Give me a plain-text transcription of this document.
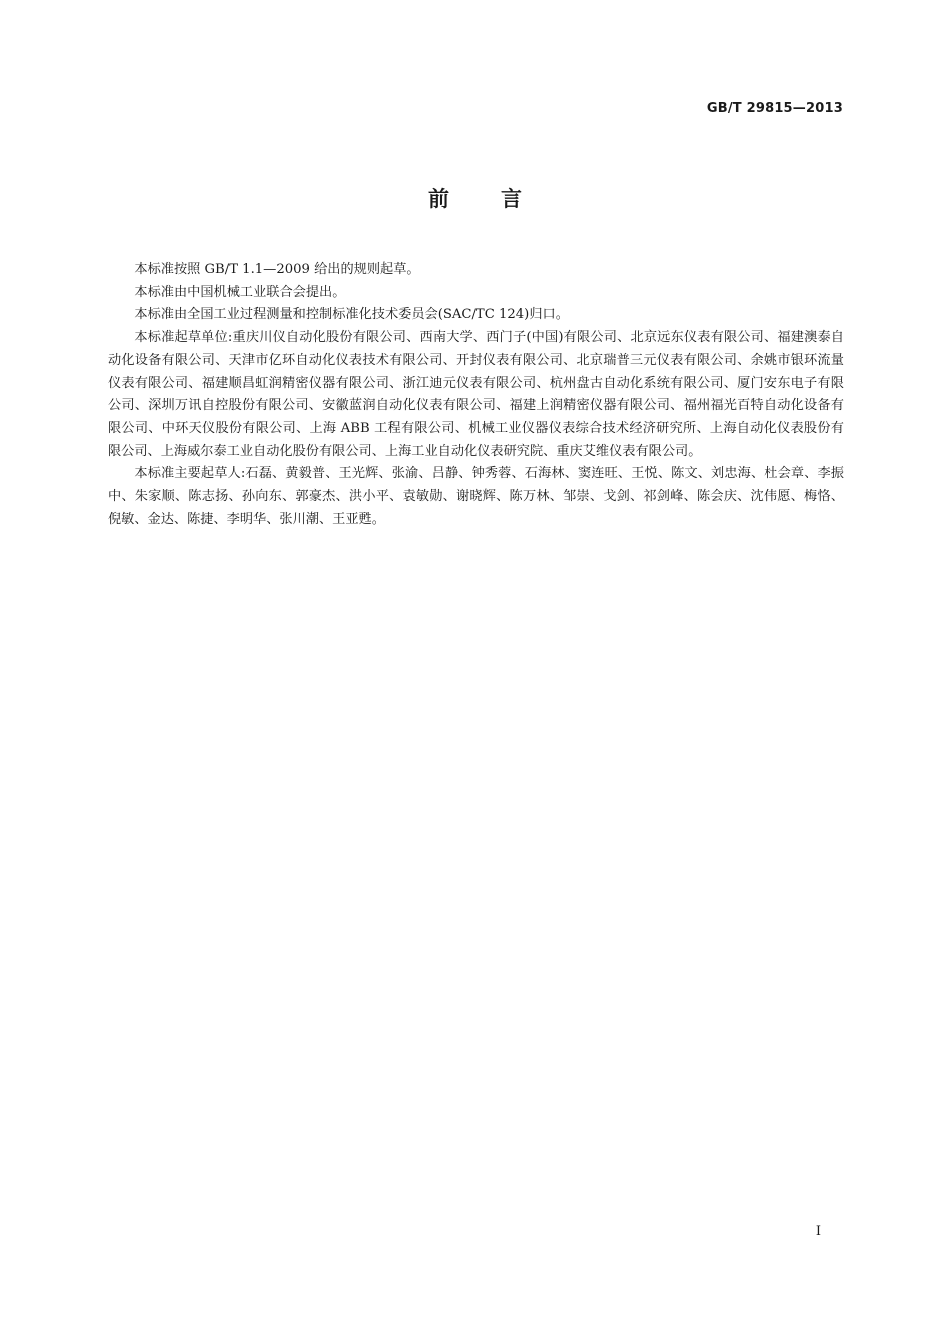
GB/T 29815—2013
前言

本标准按照 GB/T 1.1—2009 给出的规则起草。

本标准由中国机械工业联合会提出。

本标准由全国工业过程测量和控制标准化技术委员会(SAC/TC 124)归口。

本标准起草单位:重庆川仪自动化股份有限公司、西南大学、西门子(中国)有限公司、北京远东仪表有限公司、福建澳泰自动化设备有限公司、天津市亿环自动化仪表技术有限公司、开封仪表有限公司、北京瑞普三元仪表有限公司、余姚市银环流量仪表有限公司、福建顺昌虹润精密仪器有限公司、浙江迪元仪表有限公司、杭州盘古自动化系统有限公司、厦门安东电子有限公司、深圳万讯自控股份有限公司、安徽蓝润自动化仪表有限公司、福建上润精密仪器有限公司、福州福光百特自动化设备有限公司、中环天仪股份有限公司、上海 ABB 工程有限公司、机械工业仪器仪表综合技术经济研究所、上海自动化仪表股份有限公司、上海威尔泰工业自动化股份有限公司、上海工业自动化仪表研究院、重庆艾维仪表有限公司。

本标准主要起草人:石磊、黄毅普、王光辉、张渝、吕静、钟秀蓉、石海林、窦连旺、王悦、陈文、刘忠海、杜会章、李振中、朱家顺、陈志扬、孙向东、郭豪杰、洪小平、袁敏勋、谢晓辉、陈万林、邹崇、戈剑、祁剑峰、陈会庆、沈伟愿、梅恪、倪敏、金达、陈捷、李明华、张川潮、王亚甦。

I
